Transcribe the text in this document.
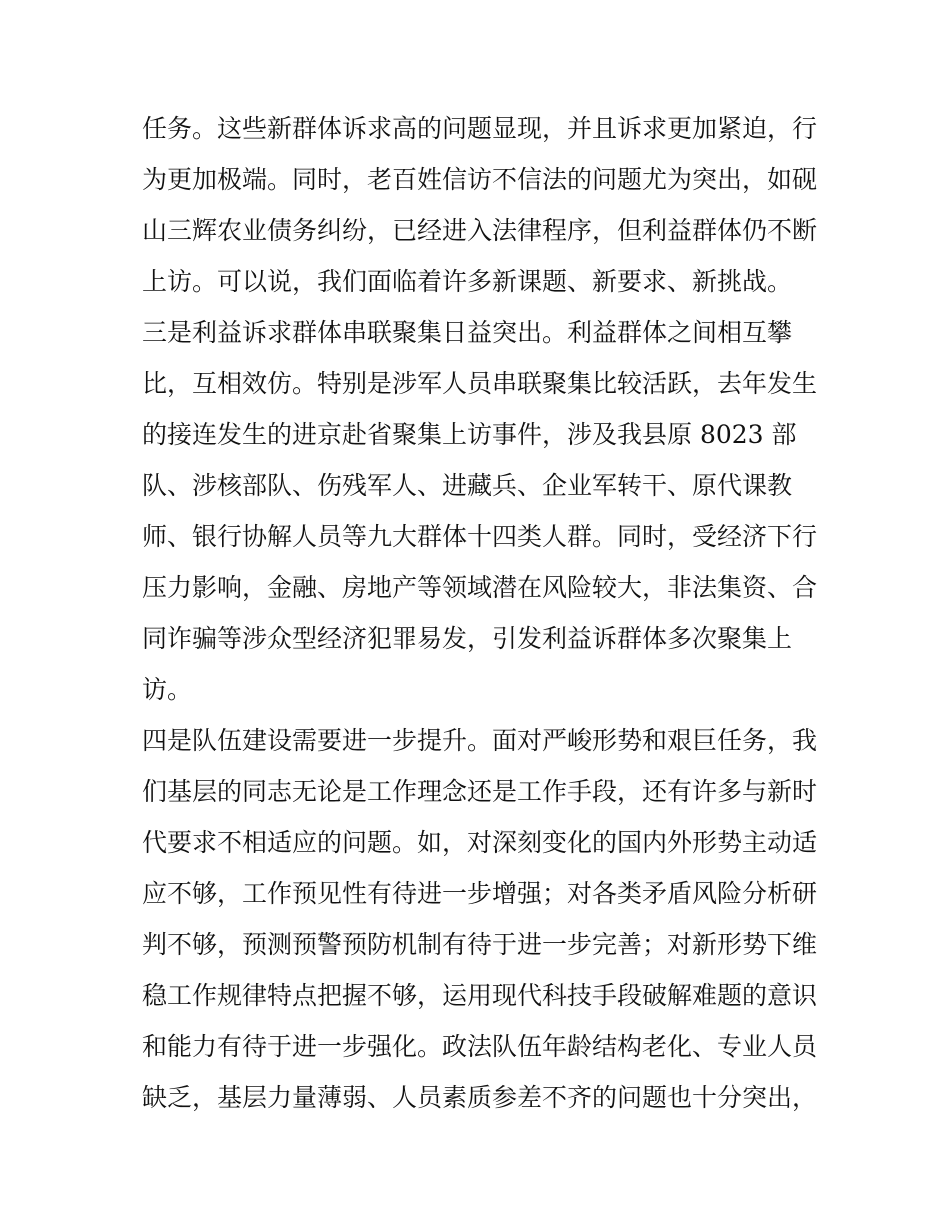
任务。这些新群体诉求高的问题显现，并且诉求更加紧迫，行
为更加极端。同时，老百姓信访不信法的问题尤为突出，如砚
山三辉农业债务纠纷，已经进入法律程序，但利益群体仍不断
上访。可以说，我们面临着许多新课题、新要求、新挑战。
三是利益诉求群体串联聚集日益突出。利益群体之间相互攀
比，互相效仿。特别是涉军人员串联聚集比较活跃，去年发生
的接连发生的进京赴省聚集上访事件，涉及我县原 8023 部
队、涉核部队、伤残军人、进藏兵、企业军转干、原代课教
师、银行协解人员等九大群体十四类人群。同时，受经济下行
压力影响，金融、房地产等领域潜在风险较大，非法集资、合
同诈骗等涉众型经济犯罪易发，引发利益诉群体多次聚集上
访。
四是队伍建设需要进一步提升。面对严峻形势和艰巨任务，我
们基层的同志无论是工作理念还是工作手段，还有许多与新时
代要求不相适应的问题。如，对深刻变化的国内外形势主动适
应不够，工作预见性有待进一步增强；对各类矛盾风险分析研
判不够，预测预警预防机制有待于进一步完善；对新形势下维
稳工作规律特点把握不够，运用现代科技手段破解难题的意识
和能力有待于进一步强化。政法队伍年龄结构老化、专业人员
缺乏，基层力量薄弱、人员素质参差不齐的问题也十分突出，
